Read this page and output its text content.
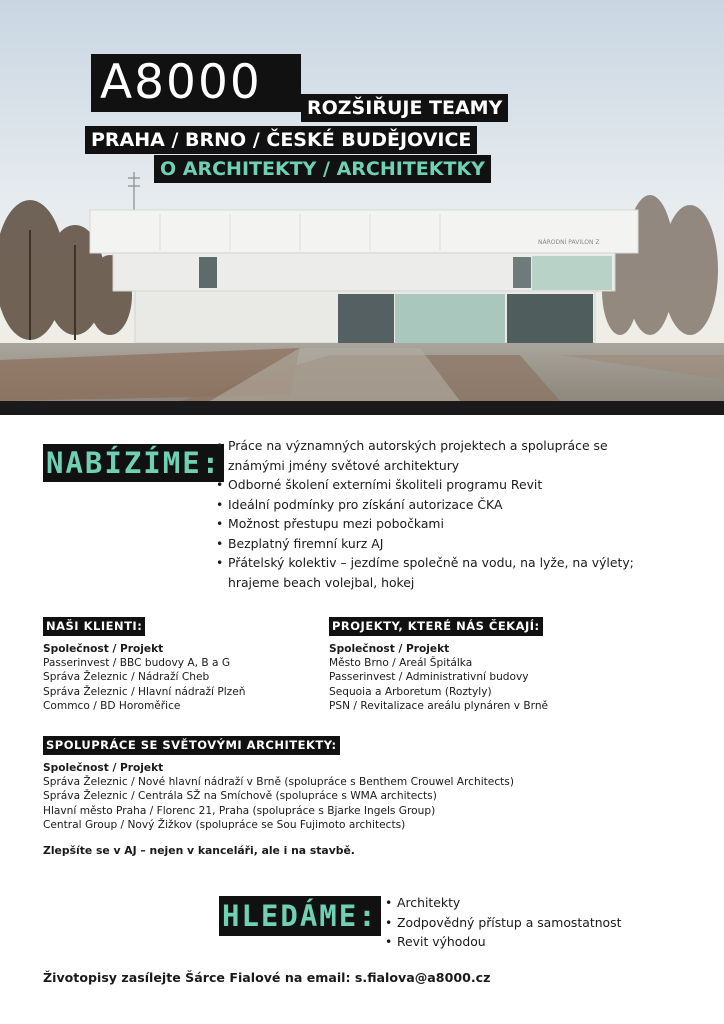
NÁRODNÍ PAVILON Z
A8000	ROZŠIŘUJE TEAMY
PRAHA / BRNO / ČESKÉ BUDĚJOVICE
O ARCHITEKTY / ARCHITEKTKY
NABÍZÍME:
• Práce na významných autorských projektech a spolupráce se známými jmény světové architektury
• Odborné školení externími školiteli programu Revit
• Ideální podmínky pro získání autorizace ČKA
• Možnost přestupu mezi pobočkami
• Bezplatný firemní kurz AJ
• Přátelský kolektiv – jezdíme společně na vodu, na lyže, na výlety; hrajeme beach volejbal, hokej
NAŠI KLIENTI:
Společnost / Projekt
Passerinvest / BBC budovy A, B a G
Správa Železnic / Nádraží Cheb
Správa Železnic / Hlavní nádraží Plzeň
Commco / BD Horoměřice
PROJEKTY, KTERÉ NÁS ČEKAJÍ:
Společnost / Projekt
Město Brno / Areál Špitálka
Passerinvest / Administrativní budovy
Sequoia a Arboretum (Roztyly)
PSN / Revitalizace areálu plynáren v Brně
SPOLUPRÁCE SE SVĚTOVÝMI ARCHITEKTY:
Společnost / Projekt
Správa Železnic / Nové hlavní nádraží v Brně (spolupráce s Benthem Crouwel Architects)
Správa Železnic / Centrála SŽ na Smíchově (spolupráce s WMA architects)
Hlavní město Praha / Florenc 21, Praha (spolupráce s Bjarke Ingels Group)
Central Group / Nový Žižkov (spolupráce se Sou Fujimoto architects)
Zlepšíte se v AJ – nejen v kanceláři, ale i na stavbě.
HLEDÁME:
•	Architekty
• Zodpovědný přístup a samostatnost
• Revit výhodou
Životopisy zasílejte Šárce Fialové na email: s.fialova@a8000.cz
